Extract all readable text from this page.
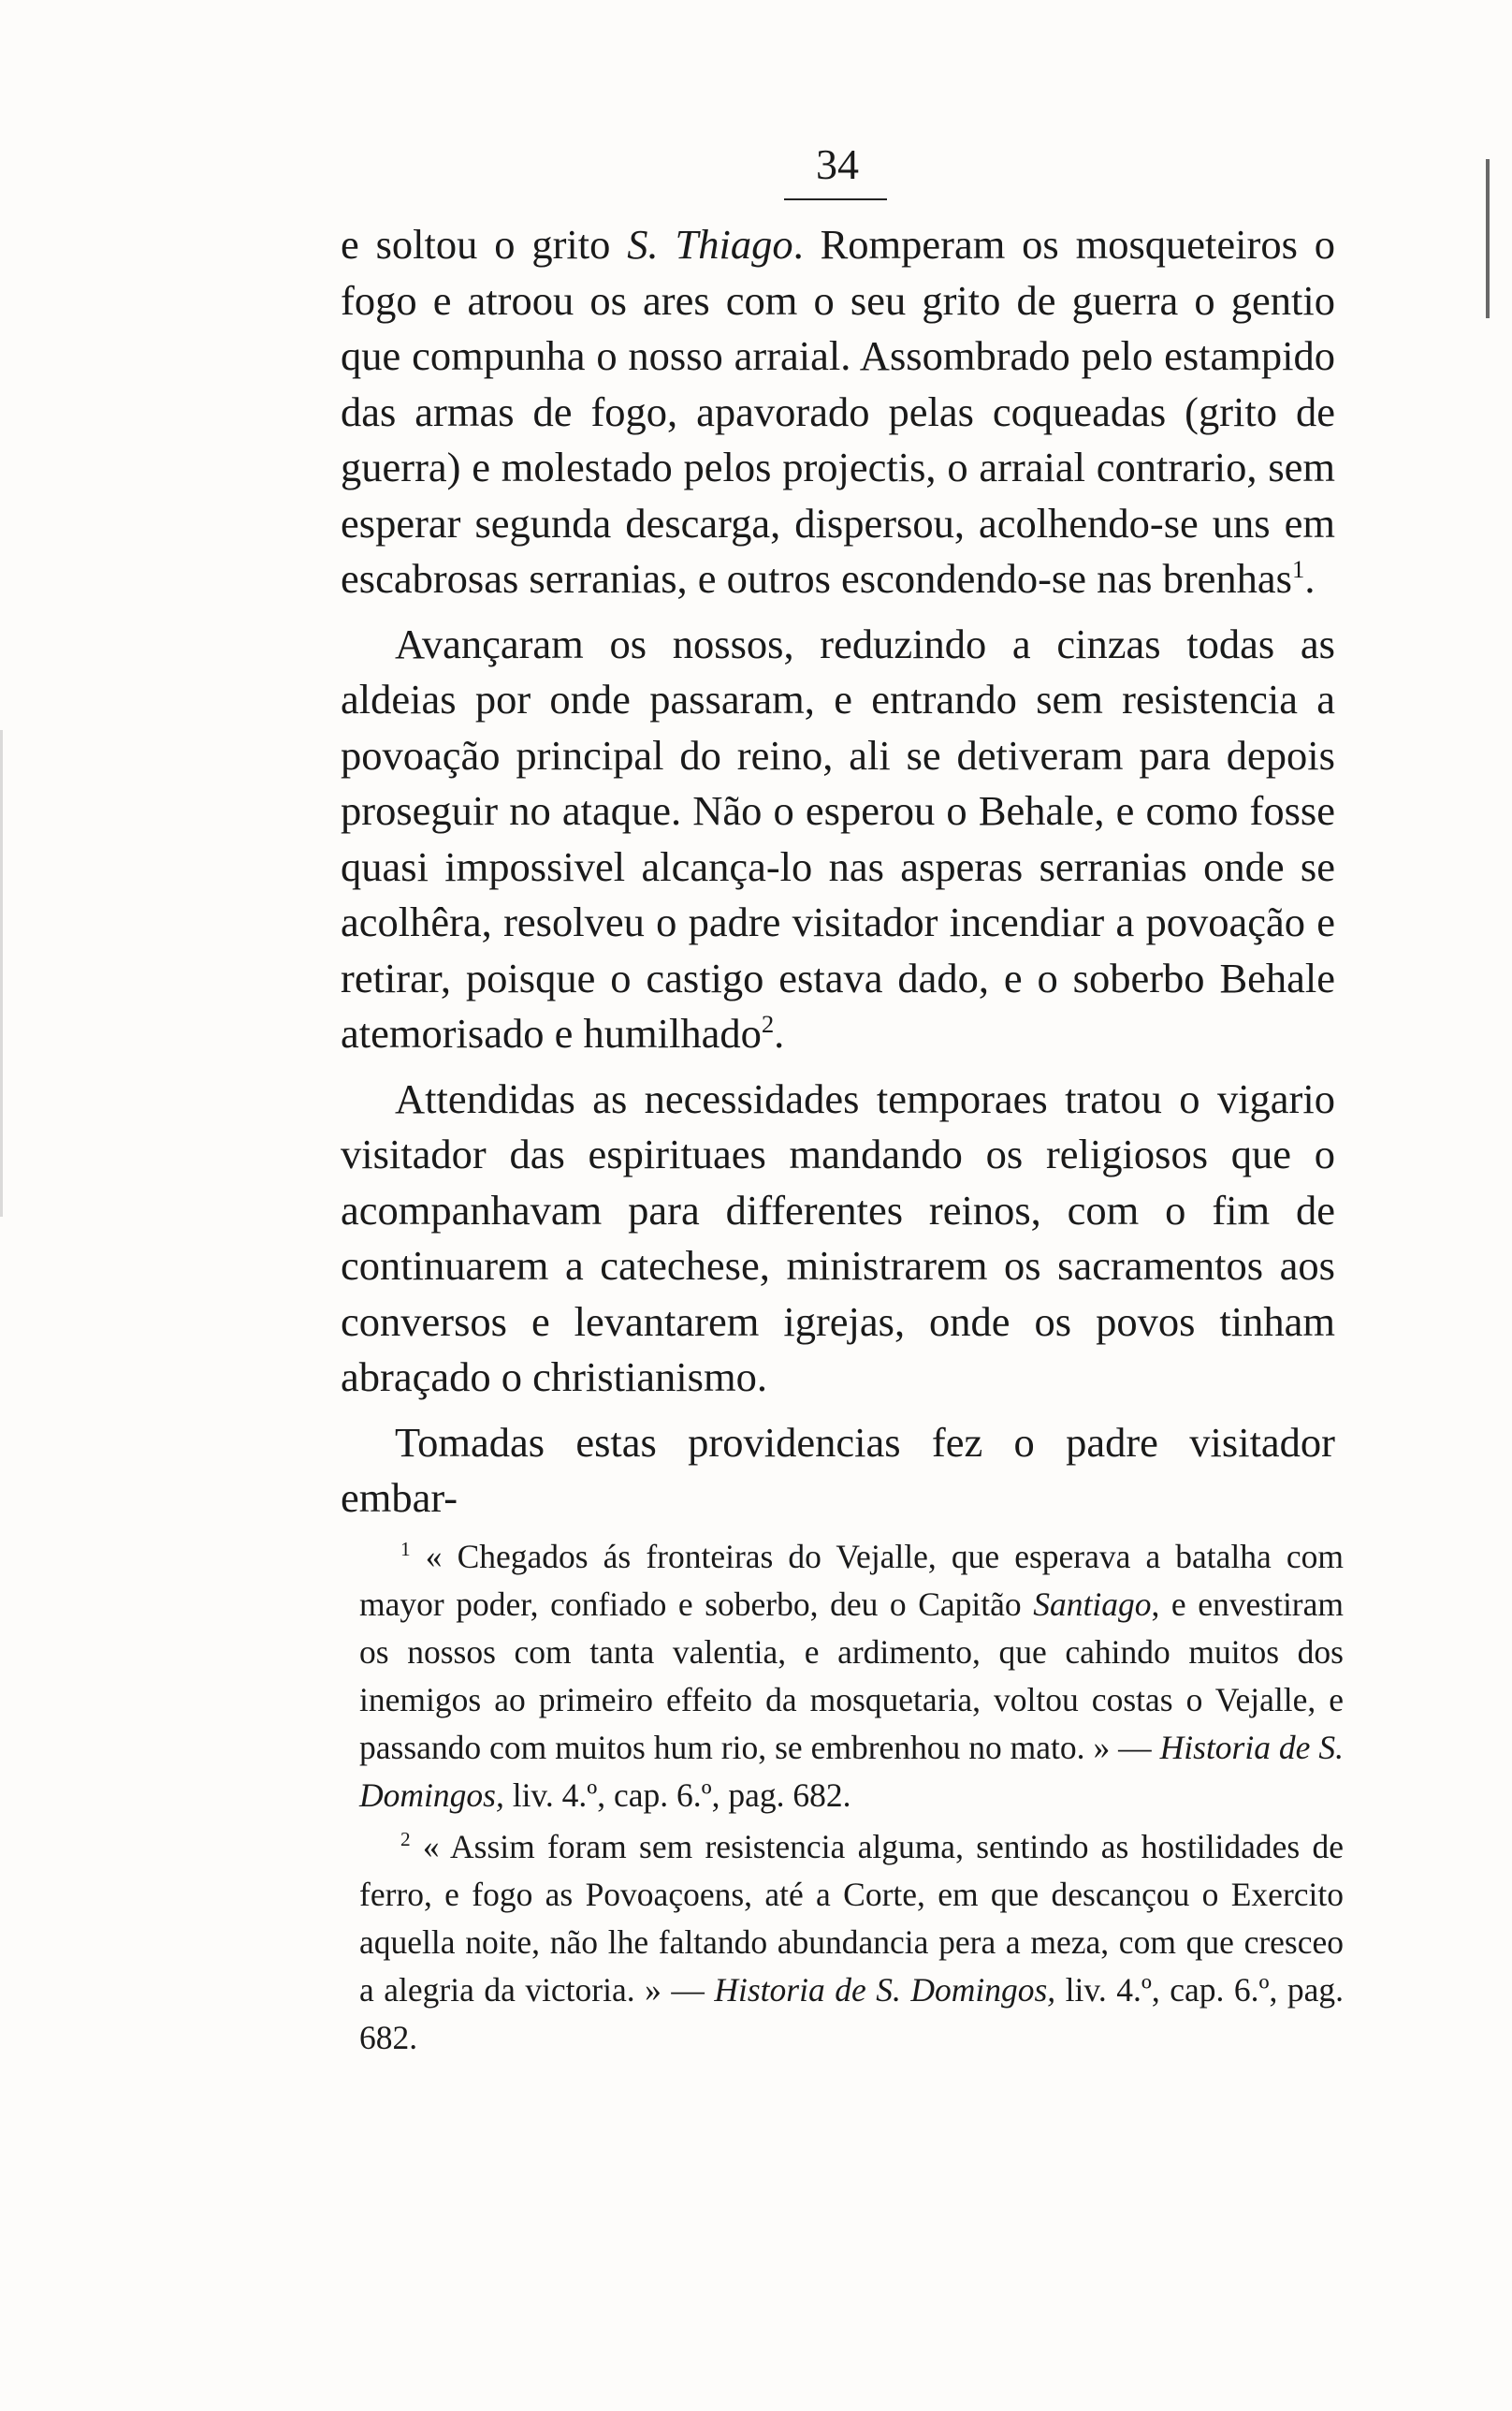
34

e soltou o grito S. Thiago. Romperam os mosqueteiros o fogo e atroou os ares com o seu grito de guerra o gentio que compunha o nosso arraial. Assombrado pelo estampido das armas de fogo, apavorado pelas coqueadas (grito de guerra) e molestado pelos projectis, o arraial contrario, sem esperar segunda descarga, dispersou, acolhendo-se uns em escabrosas serranias, e outros escondendo-se nas brenhas$^1$.

Avançaram os nossos, reduzindo a cinzas todas as aldeias por onde passaram, e entrando sem resistencia a povoação principal do reino, ali se detiveram para depois proseguir no ataque. Não o esperou o Behale, e como fosse quasi impossivel alcança-lo nas asperas serranias onde se acolhêra, resolveu o padre visitador incendiar a povoação e retirar, poisque o castigo estava dado, e o soberbo Behale atemorisado e humilhado$^2$.

Attendidas as necessidades temporaes tratou o vigario visitador das espirituaes mandando os religiosos que o acompanhavam para differentes reinos, com o fim de continuarem a catechese, ministrarem os sacramentos aos conversos e levantarem igrejas, onde os povos tinham abraçado o christianismo.

Tomadas estas providencias fez o padre visitador embar-

$^1$ « Chegados ás fronteiras do Vejalle, que esperava a batalha com mayor poder, confiado e soberbo, deu o Capitão Santiago, e envestiram os nossos com tanta valentia, e ardimento, que cahindo muitos dos inemigos ao primeiro effeito da mosquetaria, voltou costas o Vejalle, e passando com muitos hum rio, se embrenhou no mato. » — Historia de S. Domingos, liv. 4.º, cap. 6.º, pag. 682.

$^2$ « Assim foram sem resistencia alguma, sentindo as hostilidades de ferro, e fogo as Povoaçoens, até a Corte, em que descançou o Exercito aquella noite, não lhe faltando abundancia pera a meza, com que cresceo a alegria da victoria. » — Historia de S. Domingos, liv. 4.º, cap. 6.º, pag. 682.
